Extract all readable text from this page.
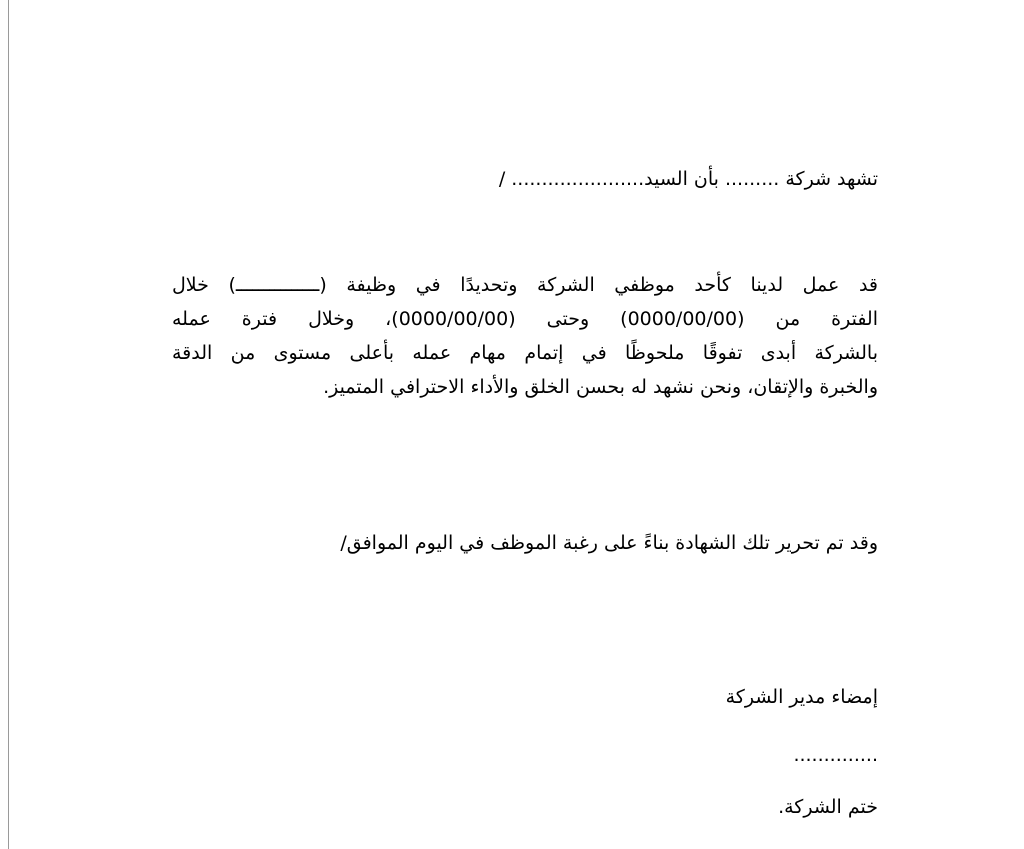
تشهد شركة ......... بأن السيد...................... /

قد عمل لدينا كأحد موظفي الشركة وتحديدًا في وظيفة (ـــــــــــــــ) خلال

الفترة من (0000/00/00) وحتى (0000/00/00)، وخلال فترة عمله

بالشركة أبدى تفوقًا ملحوظًا في إتمام مهام عمله بأعلى مستوى من الدقة

والخبرة والإتقان، ونحن نشهد له بحسن الخلق والأداء الاحترافي المتميز.

وقد تم تحرير تلك الشهادة بناءً على رغبة الموظف في اليوم الموافق/
إمضاء مدير الشركة
..............
ختم الشركة.
